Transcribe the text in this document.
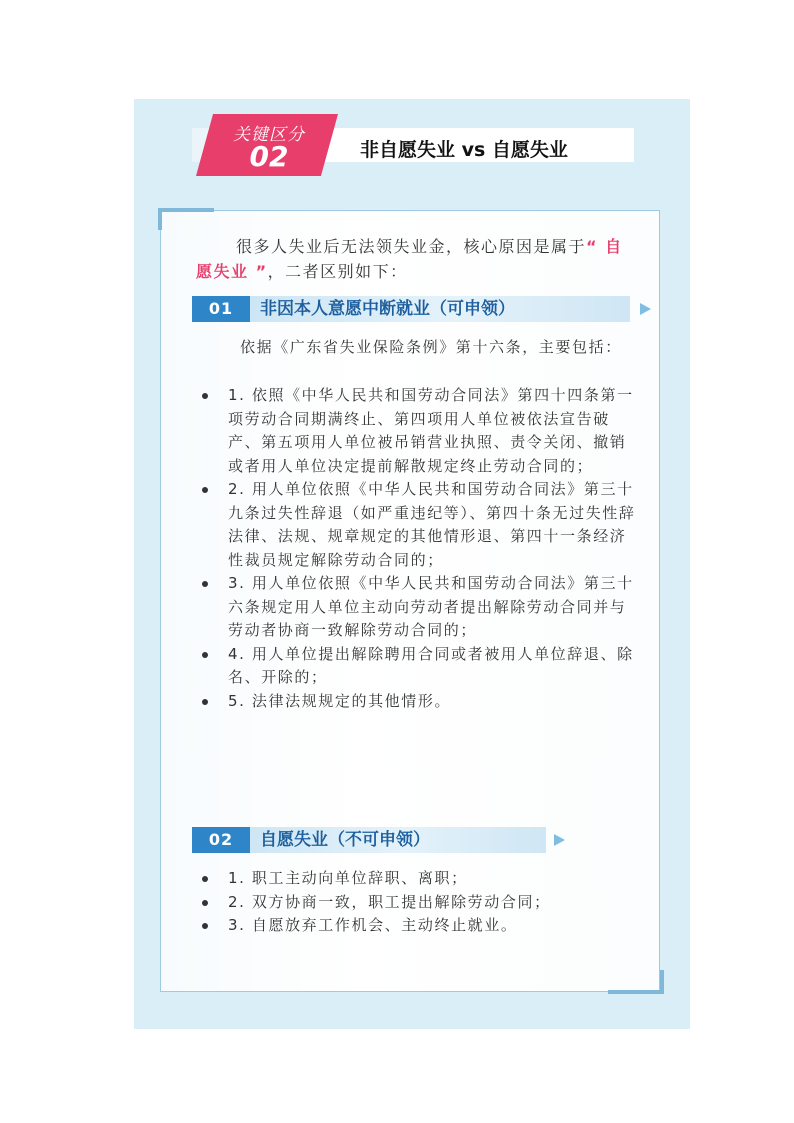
关键区分
02	非自愿失业 vs 自愿失业
很多人失业后无法领失业金，核心原因是属于“ 自愿失业 ”，二者区别如下：
01	非因本人意愿中断就业（可申领）
依据《广东省失业保险条例》第十六条，主要包括：
1. 依照《中华人民共和国劳动合同法》第四十四条第一项劳动合同期满终止、第四项用人单位被依法宣告破产、第五项用人单位被吊销营业执照、责令关闭、撤销或者用人单位决定提前解散规定终止劳动合同的；
2. 用人单位依照《中华人民共和国劳动合同法》第三十九条过失性辞退（如严重违纪等）、第四十条无过失性辞法律、法规、规章规定的其他情形退、第四十一条经济性裁员规定解除劳动合同的；
3. 用人单位依照《中华人民共和国劳动合同法》第三十六条规定用人单位主动向劳动者提出解除劳动合同并与劳动者协商一致解除劳动合同的；
4. 用人单位提出解除聘用合同或者被用人单位辞退、除名、开除的；
5. 法律法规规定的其他情形。
02	自愿失业（不可申领）
1. 职工主动向单位辞职、离职；
2. 双方协商一致，职工提出解除劳动合同；
3. 自愿放弃工作机会、主动终止就业。
